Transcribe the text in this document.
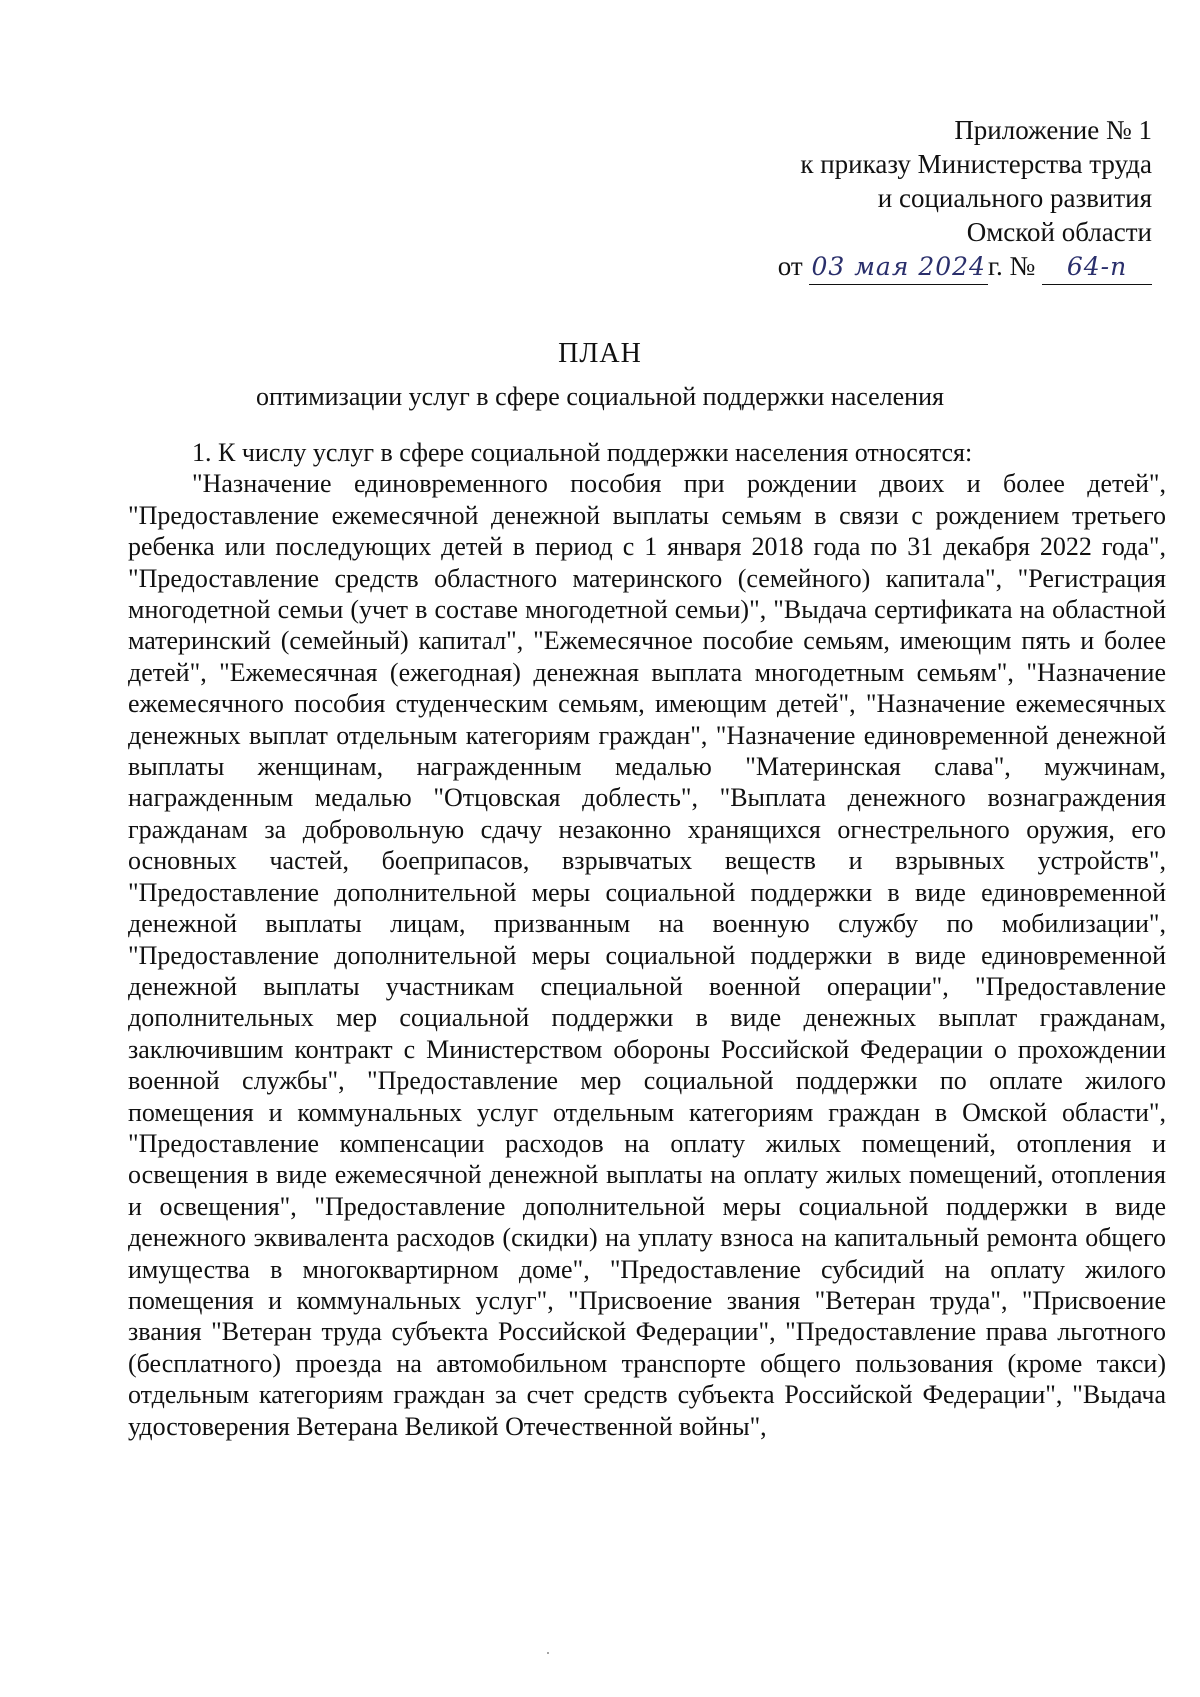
Приложение № 1
к приказу Министерства труда
и социального развития
Омской области
от 03 мая 2024г. № 64-п
ПЛАН
оптимизации услуг в сфере социальной поддержки населения

1. К числу услуг в сфере социальной поддержки населения относятся:

"Назначение единовременного пособия при рождении двоих и более детей", "Предоставление ежемесячной денежной выплаты семьям в связи с рождением третьего ребенка или последующих детей в период с 1 января 2018 года по 31 декабря 2022 года", "Предоставление средств областного материнского (семейного) капитала", "Регистрация многодетной семьи (учет в составе многодетной семьи)", "Выдача сертификата на областной материнский (семейный) капитал", "Ежемесячное пособие семьям, имеющим пять и более детей", "Ежемесячная (ежегодная) денежная выплата многодетным семьям", "Назначение ежемесячного пособия студенческим семьям, имеющим детей", "Назначение ежемесячных денежных выплат отдельным категориям граждан", "Назначение единовременной денежной выплаты женщинам, награжденным медалью "Материнская слава", мужчинам, награжденным медалью "Отцовская доблесть", "Выплата денежного вознаграждения гражданам за добровольную сдачу незаконно хранящихся огнестрельного оружия, его основных частей, боеприпасов, взрывчатых веществ и взрывных устройств", "Предоставление дополнительной меры социальной поддержки в виде единовременной денежной выплаты лицам, призванным на военную службу по мобилизации", "Предоставление дополнительной меры социальной поддержки в виде единовременной денежной выплаты участникам специальной военной операции", "Предоставление дополнительных мер социальной поддержки в виде денежных выплат гражданам, заключившим контракт с Министерством обороны Российской Федерации о прохождении военной службы", "Предоставление мер социальной поддержки по оплате жилого помещения и коммунальных услуг отдельным категориям граждан в Омской области", "Предоставление компенсации расходов на оплату жилых помещений, отопления и освещения в виде ежемесячной денежной выплаты на оплату жилых помещений, отопления и освещения", "Предоставление дополнительной меры социальной поддержки в виде денежного эквивалента расходов (скидки) на уплату взноса на капитальный ремонта общего имущества в многоквартирном доме", "Предоставление субсидий на оплату жилого помещения и коммунальных услуг", "Присвоение звания "Ветеран труда", "Присвоение звания "Ветеран труда субъекта Российской Федерации", "Предоставление права льготного (бесплатного) проезда на автомобильном транспорте общего пользования (кроме такси) отдельным категориям граждан за счет средств субъекта Российской Федерации", "Выдача удостоверения Ветерана Великой Отечественной войны",
